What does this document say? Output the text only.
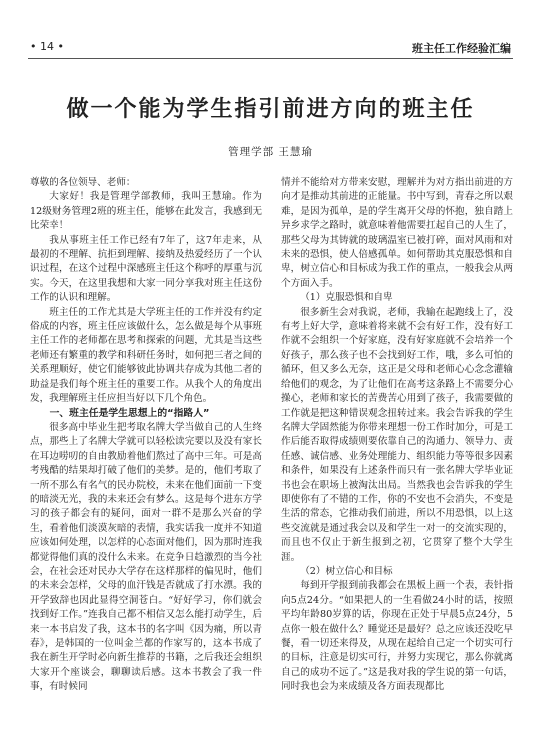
• 14 •	班主任工作经验汇编
做一个能为学生指引前进方向的班主任
管理学部 王慧瑜

尊敬的各位领导、老师：

大家好！我是管理学部教师，我叫王慧瑜。作为12级财务管理2班的班主任，能够在此发言，我感到无比荣幸！

我从事班主任工作已经有7年了，这7年走来，从最初的不理解、抗拒到理解、接纳及热爱经历了一个认识过程，在这个过程中深感班主任这个称呼的厚重与沉实。今天，在这里我想和大家一同分享我对班主任这份工作的认识和理解。

班主任的工作尤其是大学班主任的工作并没有约定俗成的内容，班主任应该做什么，怎么做是每个从事班主任工作的老师都在思考和探索的问题，尤其是当这些老师还有繁重的教学和科研任务时，如何把三者之间的关系理顺好，使它们能够彼此协调共存成为其他二者的助益是我们每个班主任的重要工作。从我个人的角度出发，我理解班主任应担当好以下几个角色。

一、班主任是学生思想上的“指路人”

很多高中毕业生把考取名牌大学当做自己的人生终点，那些上了名牌大学就可以轻松读完要以及没有家长在耳边唠叨的自由教励着他们熬过了高中三年。可是高考残酷的结果却打破了他们的美梦。是的，他们考取了一所不那么有名气的民办院校，未来在他们面前一下变的暗淡无光，我的未来还会有梦么。这是每个进东方学习的孩子都会有的疑问，面对一群不是那么兴奋的学生，看着他们淡漠灰暗的表情，我实话我一度并不知道应该如何处理，以怎样的心态面对他们，因为那时连我都觉得他们真的没什么未来。在竞争日趋激烈的当今社会，在社会还对民办大学存在这样那样的偏见时，他们的未来会怎样，父母的血汗钱是否就成了打水漂。我的开学致辞也因此显得空洞苍白。“好好学习，你们就会找到好工作。”连我自己都不相信又怎么能打动学生，后来一本书启发了我，这本书的名字叫《因为痛，所以青春》，是韩国的一位叫金兰都的作家写的，这本书成了我在新生开学时必向新生推荐的书籍，之后我还会组织大家开个座谈会，聊聊读后感。这本书教会了我一件事，有时候同

情并不能给对方带来安慰，理解并为对方指出前进的方向才是推动其前进的正能量。书中写到，青春之所以艰难，是因为孤单，是的学生离开父母的怀抱，独自踏上异乡求学之路时，就意味着他需要扛起自己的人生了，那些父母为其铸就的玻璃温室已被打碎，面对风雨和对未来的恐惧，使人倍感孤单。如何帮助其克服恐惧和自卑，树立信心和目标成为我工作的重点，一般我会从两个方面入手。

（1）克服恐惧和自卑

很多新生会对我说，老师，我输在起跑线上了，没有考上好大学，意味着将来就不会有好工作，没有好工作就不会组织一个好家庭，没有好家庭就不会培养一个好孩子，那么孩子也不会找到好工作，哦，多么可怕的循环，但又多么无奈，这正是父母和老师心心念念灌输给他们的观念，为了让他们在高考这条路上不需要分心操心，老师和家长的苦费苦心用到了孩子，我需要做的工作就是把这种错误观念扭转过来。我会告诉我的学生名牌大学固然能为你带来理想一份工作时加分，可是工作后能否取得成绩则要依靠自己的沟通力、领导力、责任感、诚信感、业务处理能力、组织能力等等很多因素和条件，如果没有上述条件而只有一张名牌大学毕业证书也会在职场上被淘汰出局。当然我也会告诉我的学生即使你有了不错的工作，你的不安也不会消失，不变是生活的常态，它推动我们前进，所以不用恐惧，以上这些交流就是通过我会以及和学生一对一的交流实现的，而且也不仅止于新生报到之初，它贯穿了整个大学生涯。

（2）树立信心和目标

每到开学报到前我都会在黑板上画一个表，表针指向5点24分。“如果把人的一生看做24小时的话，按照平均年龄80岁算的话，你现在正处于早晨5点24分，5点你一般在做什么？睡觉还是最好？总之应该还没吃早餐，看一切还来得及，从现在起给自己定一个切实可行的目标，注意是切实可行，并努力实现它，那么你就离自己的成功不远了。”这是我对我的学生说的第一句话，同时我也会为来成绩及各方面表现都比
